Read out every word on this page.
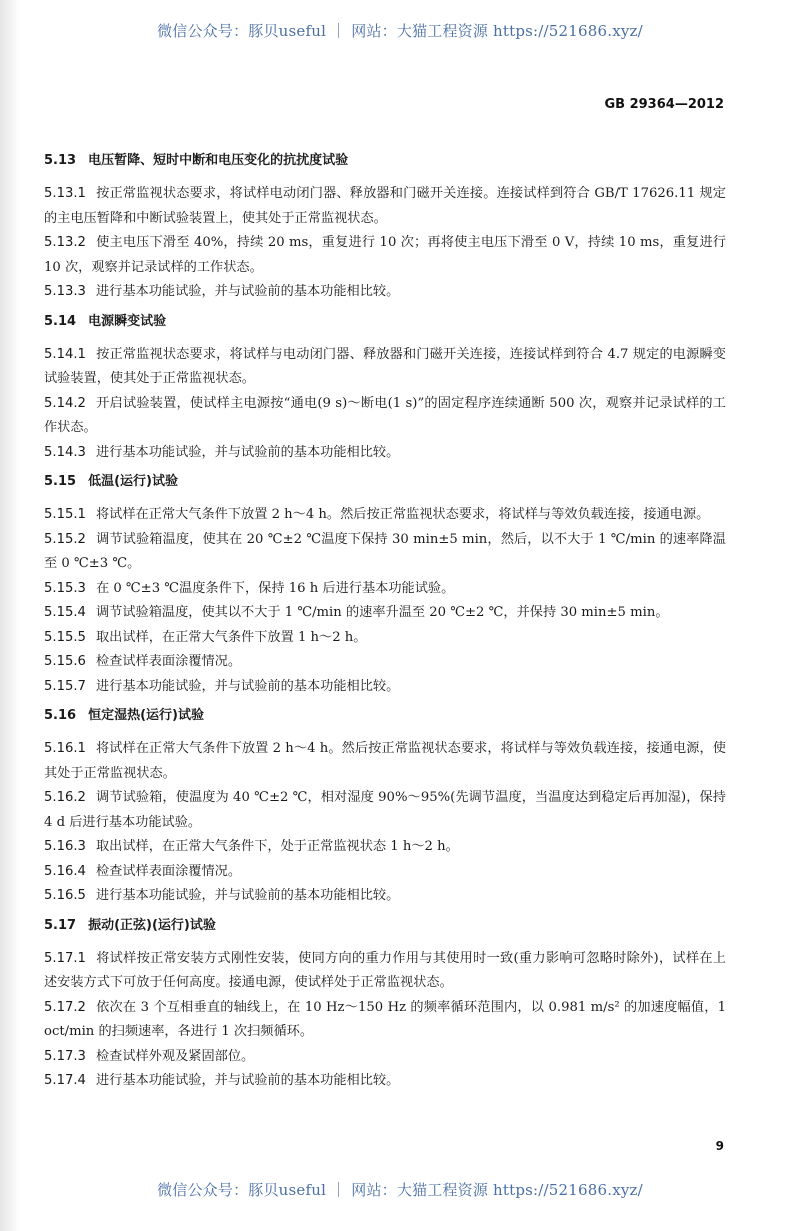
微信公众号：豚贝useful ｜ 网站：大猫工程资源 https://521686.xyz/
GB 29364—2012
5.13 电压暂降、短时中断和电压变化的抗扰度试验

5.13.1 按正常监视状态要求，将试样电动闭门器、释放器和门磁开关连接。连接试样到符合 GB/T 17626.11 规定的主电压暂降和中断试验装置上，使其处于正常监视状态。

5.13.2 使主电压下滑至 40%，持续 20 ms，重复进行 10 次；再将使主电压下滑至 0 V，持续 10 ms，重复进行 10 次，观察并记录试样的工作状态。

5.13.3 进行基本功能试验，并与试验前的基本功能相比较。

5.14 电源瞬变试验

5.14.1 按正常监视状态要求，将试样与电动闭门器、释放器和门磁开关连接，连接试样到符合 4.7 规定的电源瞬变试验装置，使其处于正常监视状态。

5.14.2 开启试验装置，使试样主电源按“通电(9 s)～断电(1 s)”的固定程序连续通断 500 次，观察并记录试样的工作状态。

5.14.3 进行基本功能试验，并与试验前的基本功能相比较。

5.15 低温(运行)试验

5.15.1 将试样在正常大气条件下放置 2 h～4 h。然后按正常监视状态要求，将试样与等效负载连接，接通电源。

5.15.2 调节试验箱温度，使其在 20 ℃±2 ℃温度下保持 30 min±5 min，然后，以不大于 1 ℃/min 的速率降温至 0 ℃±3 ℃。

5.15.3 在 0 ℃±3 ℃温度条件下，保持 16 h 后进行基本功能试验。

5.15.4 调节试验箱温度，使其以不大于 1 ℃/min 的速率升温至 20 ℃±2 ℃，并保持 30 min±5 min。

5.15.5 取出试样，在正常大气条件下放置 1 h～2 h。

5.15.6 检查试样表面涂覆情况。

5.15.7 进行基本功能试验，并与试验前的基本功能相比较。

5.16 恒定湿热(运行)试验

5.16.1 将试样在正常大气条件下放置 2 h～4 h。然后按正常监视状态要求，将试样与等效负载连接，接通电源，使其处于正常监视状态。

5.16.2 调节试验箱，使温度为 40 ℃±2 ℃，相对湿度 90%～95%(先调节温度，当温度达到稳定后再加湿)，保持 4 d 后进行基本功能试验。

5.16.3 取出试样，在正常大气条件下，处于正常监视状态 1 h～2 h。

5.16.4 检查试样表面涂覆情况。

5.16.5 进行基本功能试验，并与试验前的基本功能相比较。

5.17 振动(正弦)(运行)试验

5.17.1 将试样按正常安装方式刚性安装，使同方向的重力作用与其使用时一致(重力影响可忽略时除外)，试样在上述安装方式下可放于任何高度。接通电源，使试样处于正常监视状态。

5.17.2 依次在 3 个互相垂直的轴线上，在 10 Hz～150 Hz 的频率循环范围内，以 0.981 m/s² 的加速度幅值，1 oct/min 的扫频速率，各进行 1 次扫频循环。

5.17.3 检查试样外观及紧固部位。

5.17.4 进行基本功能试验，并与试验前的基本功能相比较。

9
微信公众号：豚贝useful ｜ 网站：大猫工程资源 https://521686.xyz/
